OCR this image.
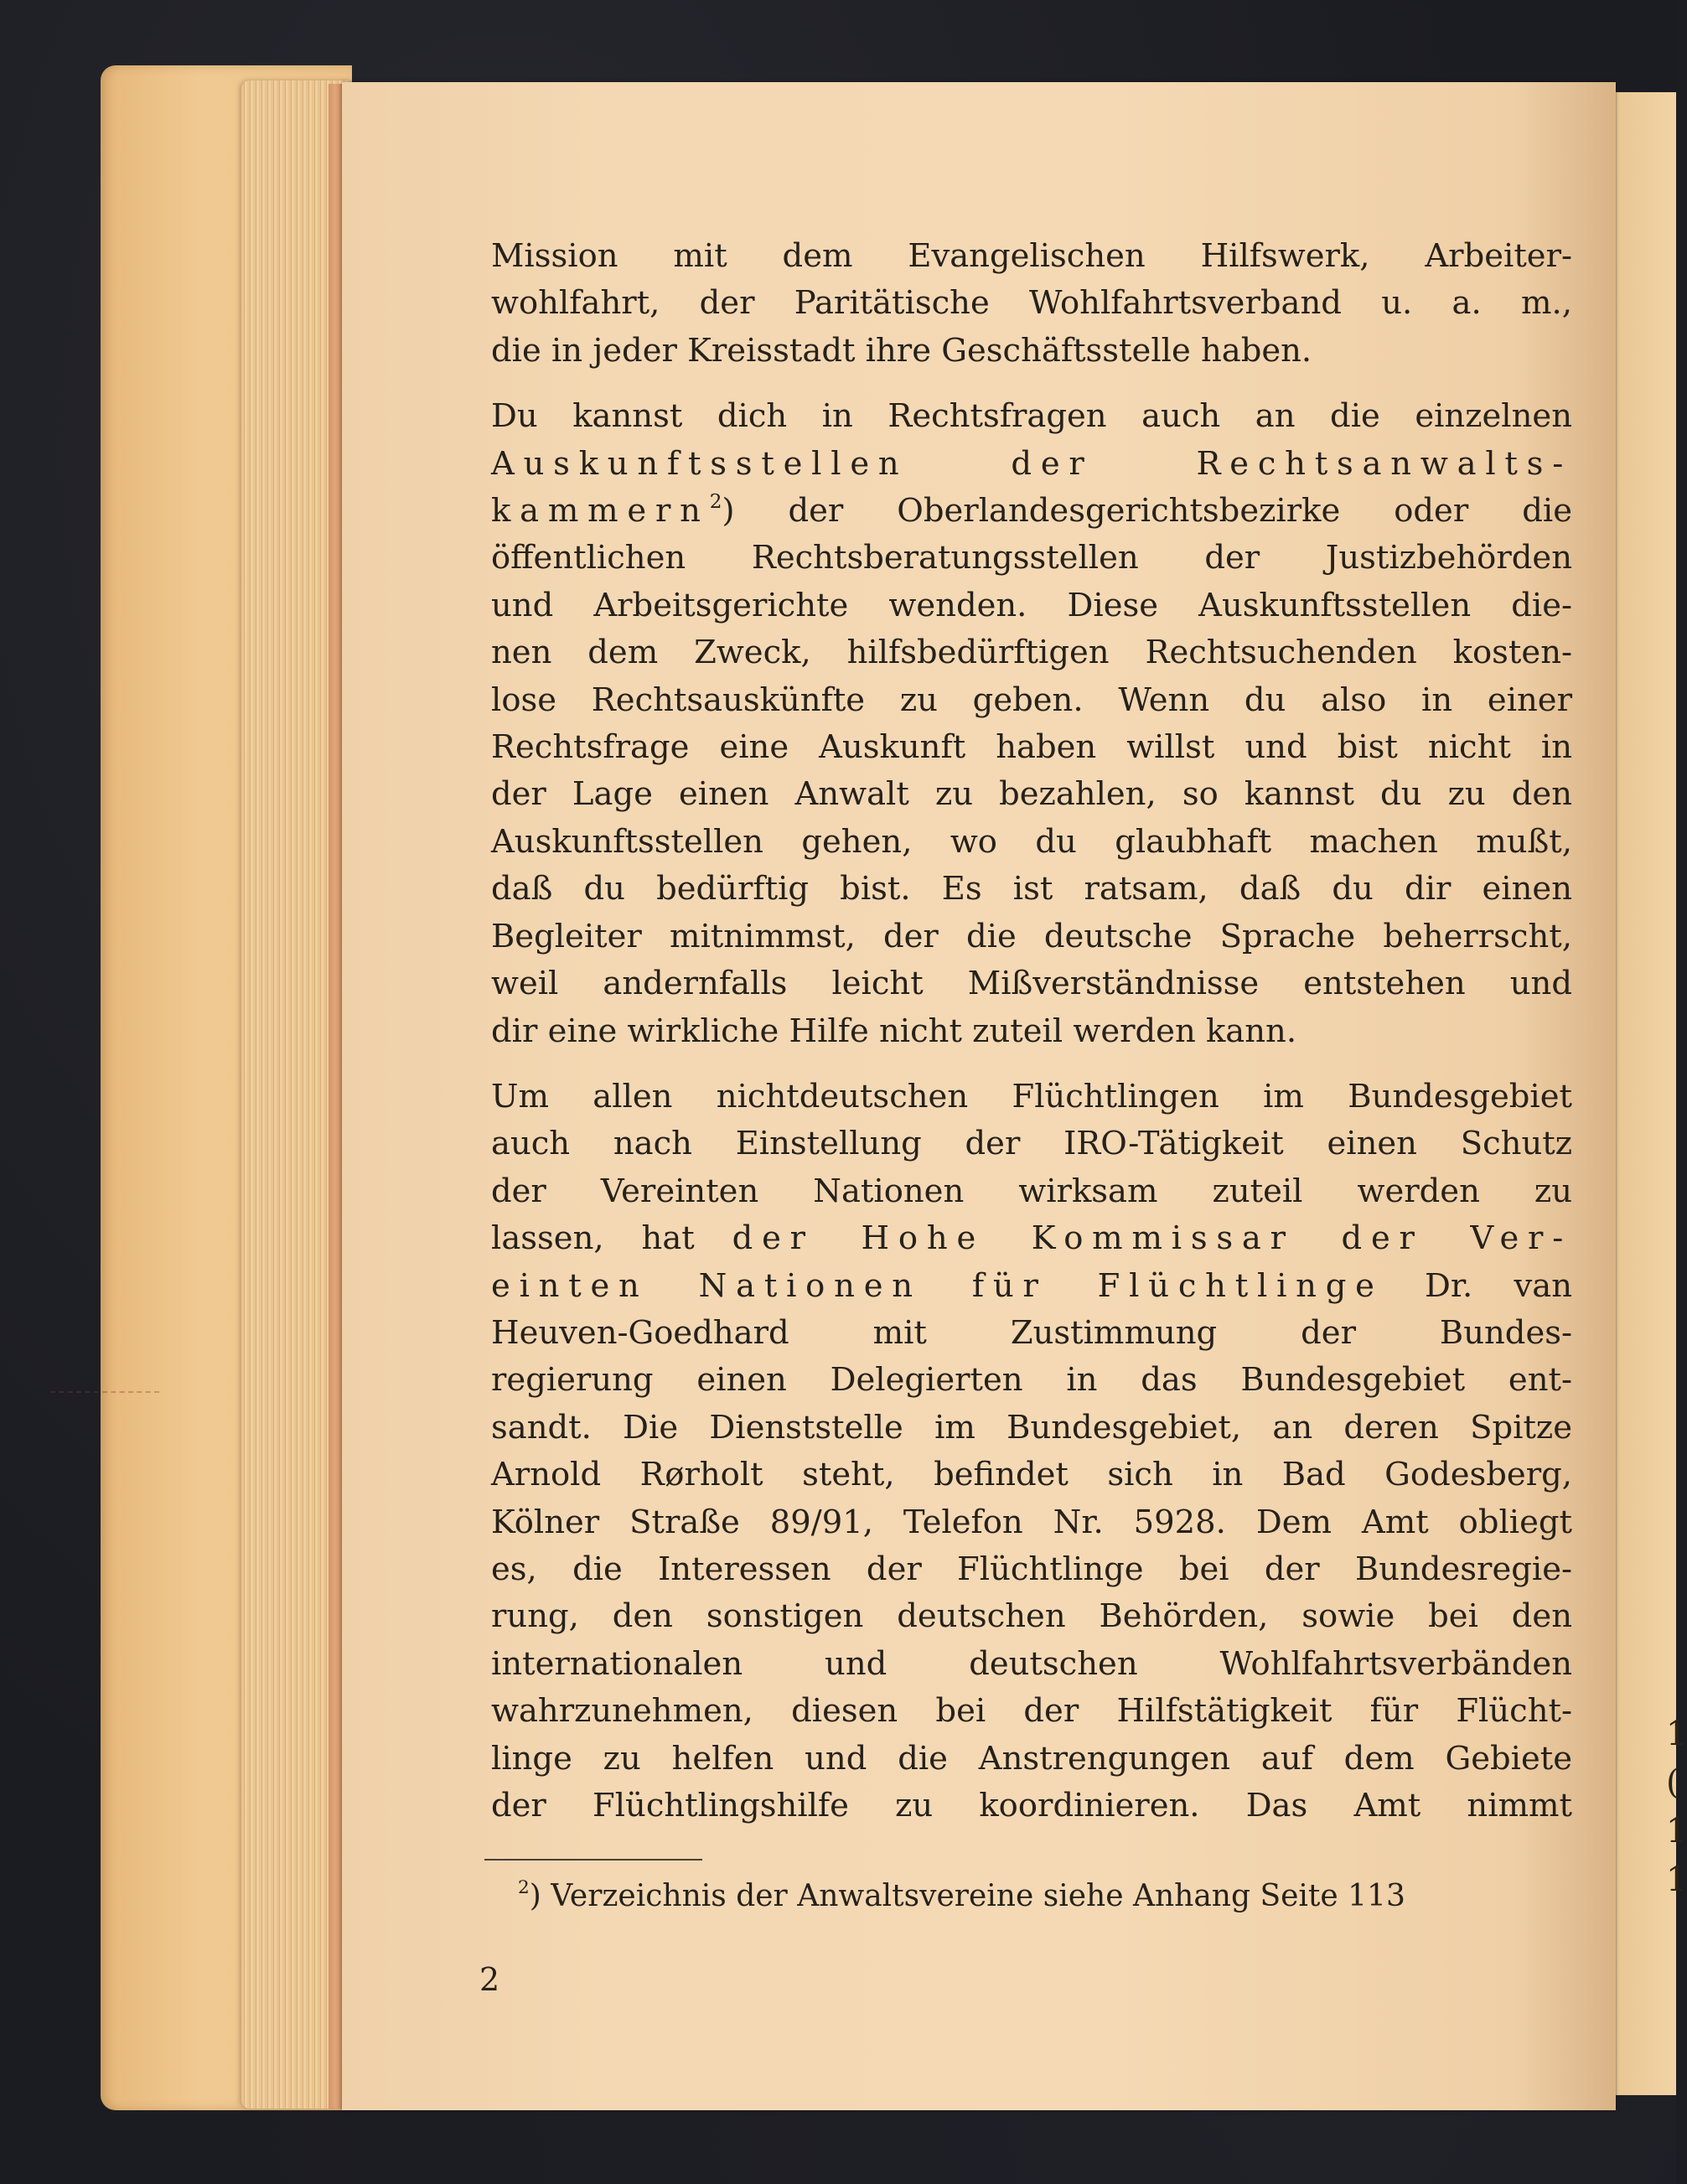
1
(
1
1

Mission mit dem Evangelischen Hilfswerk, Arbeiter-
wohlfahrt, der Paritätische Wohlfahrtsverband u. a. m.,
die in jeder Kreisstadt ihre Geschäftsstelle haben.

Du kannst dich in Rechtsfragen auch an die einzelnen
Auskunftsstellen der Rechtsanwalts-
kammern$^2$) der Oberlandesgerichtsbezirke oder die
öffentlichen Rechtsberatungsstellen der Justizbehörden
und Arbeitsgerichte wenden. Diese Auskunftsstellen die-
nen dem Zweck, hilfsbedürftigen Rechtsuchenden kosten-
lose Rechtsauskünfte zu geben. Wenn du also in einer
Rechtsfrage eine Auskunft haben willst und bist nicht in
der Lage einen Anwalt zu bezahlen, so kannst du zu den
Auskunftsstellen gehen, wo du glaubhaft machen mußt,
daß du bedürftig bist. Es ist ratsam, daß du dir einen
Begleiter mitnimmst, der die deutsche Sprache beherrscht,
weil andernfalls leicht Mißverständnisse entstehen und
dir eine wirkliche Hilfe nicht zuteil werden kann.

Um allen nichtdeutschen Flüchtlingen im Bundesgebiet
auch nach Einstellung der IRO-Tätigkeit einen Schutz
der Vereinten Nationen wirksam zuteil werden zu
lassen, hat der Hohe Kommissar der Ver-
einten Nationen für Flüchtlinge Dr. van
Heuven-Goedhard mit Zustimmung der Bundes-
regierung einen Delegierten in das Bundesgebiet ent-
sandt. Die Dienststelle im Bundesgebiet, an deren Spitze
Arnold Rørholt steht, befindet sich in Bad Godesberg,
Kölner Straße 89/91, Telefon Nr. 5928. Dem Amt obliegt
es, die Interessen der Flüchtlinge bei der Bundesregie-
rung, den sonstigen deutschen Behörden, sowie bei den
internationalen und deutschen Wohlfahrtsverbänden
wahrzunehmen, diesen bei der Hilfstätigkeit für Flücht-
linge zu helfen und die Anstrengungen auf dem Gebiete
der Flüchtlingshilfe zu koordinieren. Das Amt nimmt

$^2$) Verzeichnis der Anwaltsvereine siehe Anhang Seite 113
2
